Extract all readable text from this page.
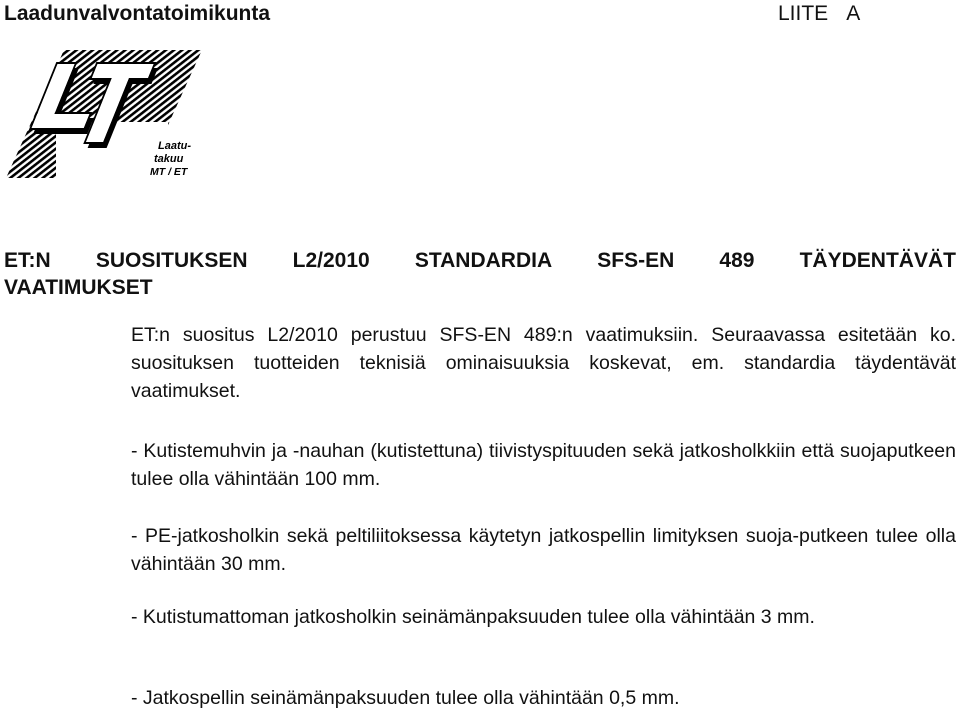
Laadunvalvontatoimikunta	LIITE A
Laatu-
takuu
MT / ET
ET:N SUOSITUKSEN L2/2010 STANDARDIA SFS-EN 489 TÄYDENTÄVÄT
VAATIMUKSET

ET:n suositus L2/2010 perustuu SFS-EN 489:n vaatimuksiin. Seuraavassa esitetään ko. suosituksen tuotteiden teknisiä ominaisuuksia koskevat, em. standardia täydentävät vaatimukset.

- Kutistemuhvin ja -nauhan (kutistettuna) tiivistyspituuden sekä jatkosholkkiin että suojaputkeen tulee olla vähintään 100 mm.

- PE-jatkosholkin sekä peltiliitoksessa käytetyn jatkospellin limityksen suoja-putkeen tulee olla vähintään 30 mm.

- Kutistumattoman jatkosholkin seinämänpaksuuden tulee olla vähintään 3 mm.

- Jatkospellin seinämänpaksuuden tulee olla vähintään 0,5 mm.
